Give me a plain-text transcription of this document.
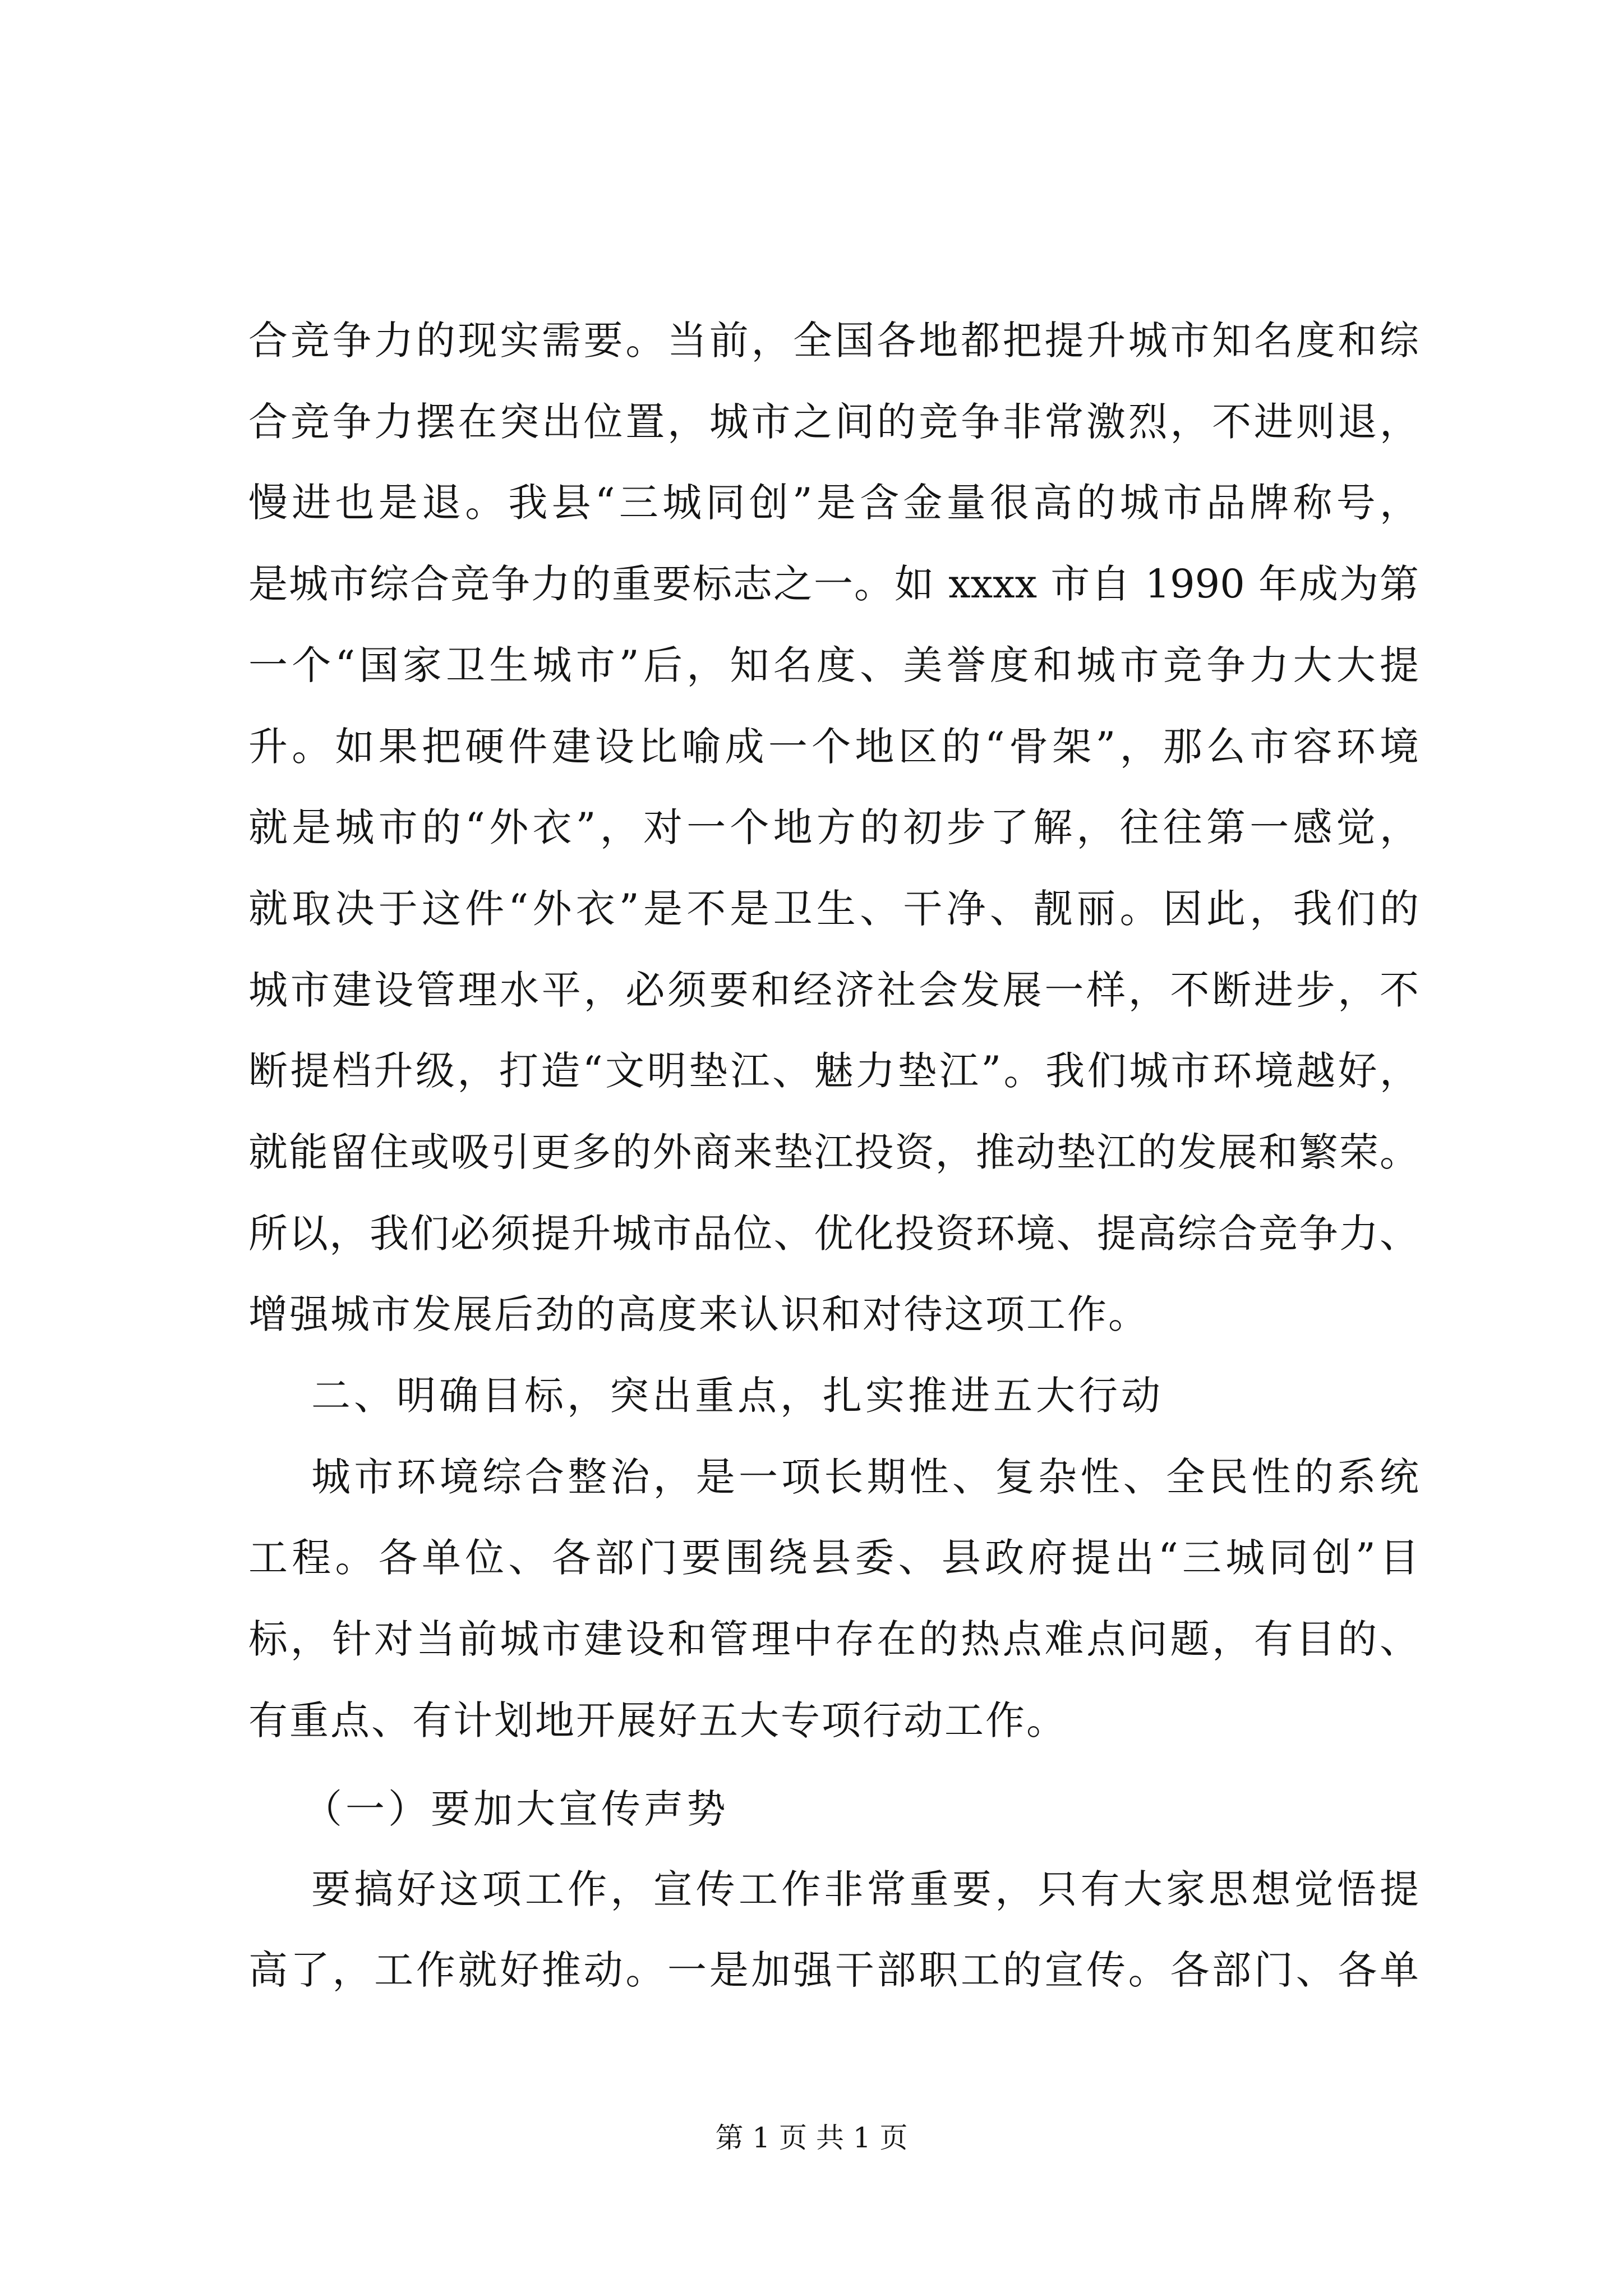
合竞争力的现实需要。当前，全国各地都把提升城市知名度和综
合竞争力摆在突出位置，城市之间的竞争非常激烈，不进则退，
慢进也是退。我县“三城同创”是含金量很高的城市品牌称号，
是城市综合竞争力的重要标志之一。如 xxxx 市自 1990 年成为第
一个“国家卫生城市”后，知名度、美誉度和城市竞争力大大提
升。如果把硬件建设比喻成一个地区的“骨架”，那么市容环境
就是城市的“外衣”，对一个地方的初步了解，往往第一感觉，
就取决于这件“外衣”是不是卫生、干净、靓丽。因此，我们的
城市建设管理水平，必须要和经济社会发展一样，不断进步，不
断提档升级，打造“文明垫江、魅力垫江”。我们城市环境越好，
就能留住或吸引更多的外商来垫江投资，推动垫江的发展和繁荣。
所以，我们必须提升城市品位、优化投资环境、提高综合竞争力、
增强城市发展后劲的高度来认识和对待这项工作。
二、明确目标，突出重点，扎实推进五大行动
城市环境综合整治，是一项长期性、复杂性、全民性的系统
工程。各单位、各部门要围绕县委、县政府提出“三城同创”目
标，针对当前城市建设和管理中存在的热点难点问题，有目的、
有重点、有计划地开展好五大专项行动工作。
（一）要加大宣传声势
要搞好这项工作，宣传工作非常重要，只有大家思想觉悟提
高了，工作就好推动。一是加强干部职工的宣传。各部门、各单
第 1 页 共 1 页
